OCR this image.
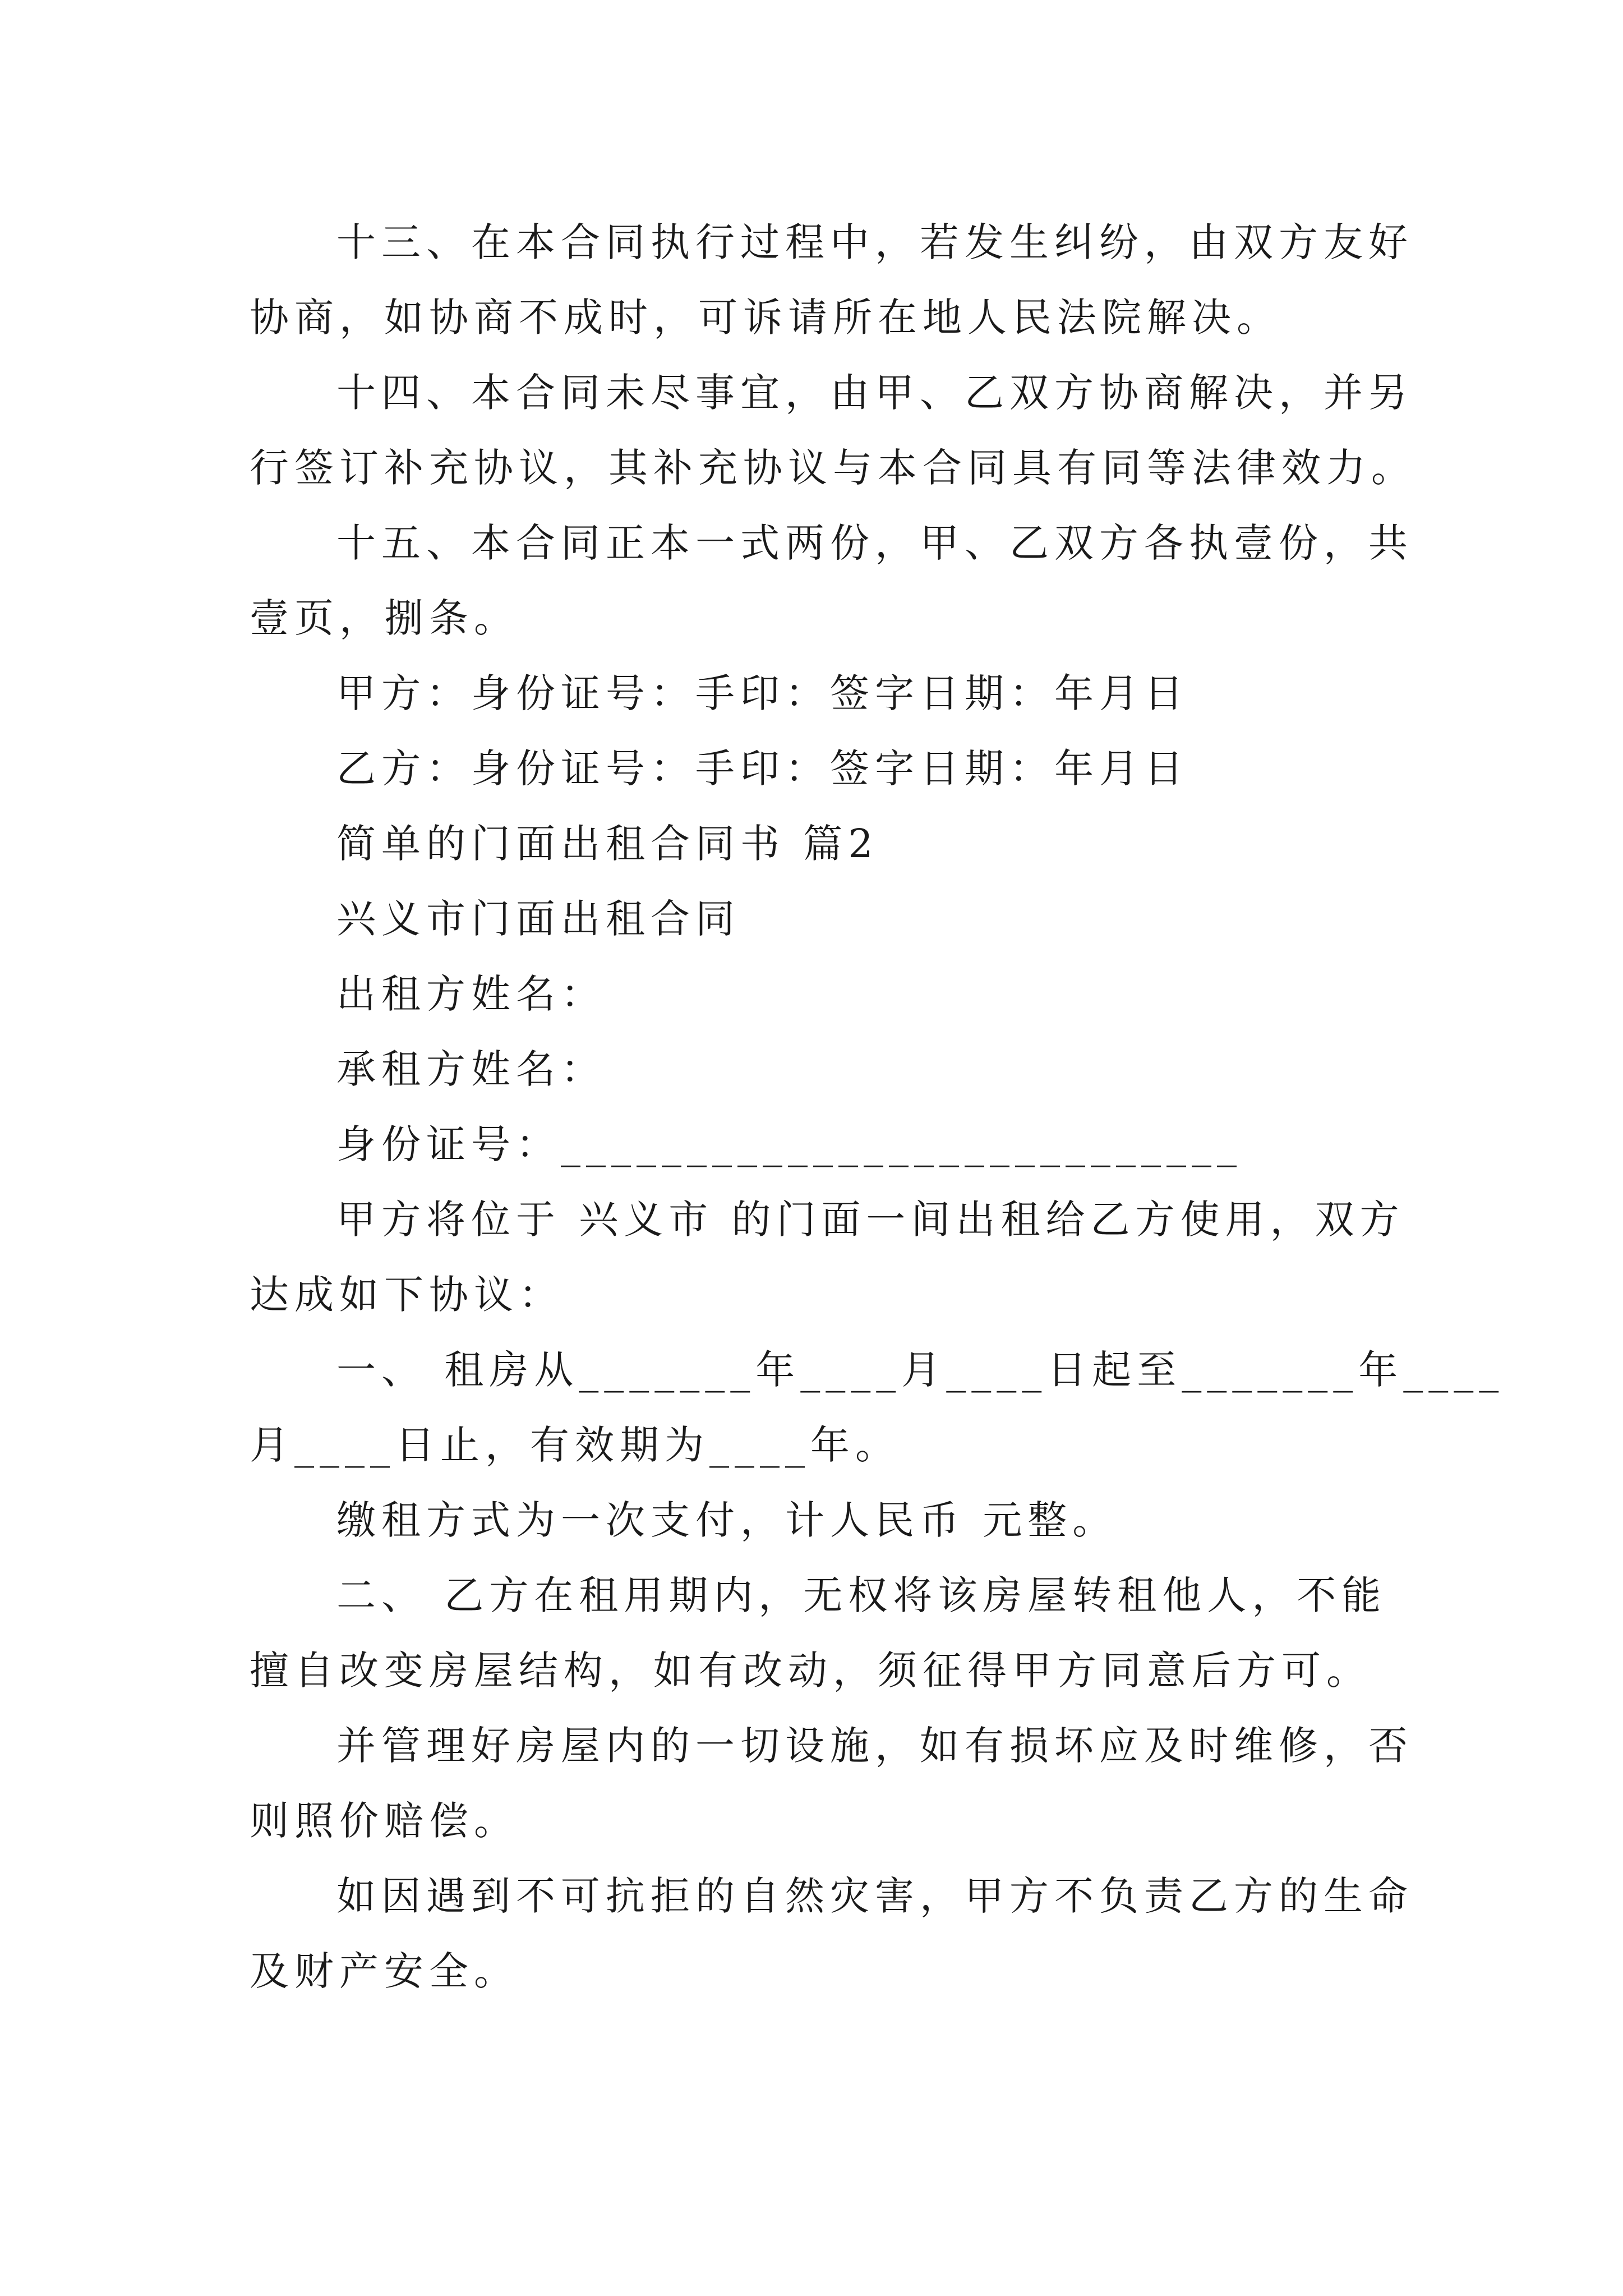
十三、在本合同执行过程中，若发生纠纷，由双方友好

协商，如协商不成时，可诉请所在地人民法院解决。

十四、本合同未尽事宜，由甲、乙双方协商解决，并另

行签订补充协议，其补充协议与本合同具有同等法律效力。

十五、本合同正本一式两份，甲、乙双方各执壹份，共

壹页，捌条。

甲方：身份证号：手印：签字日期：年月日

乙方：身份证号：手印：签字日期：年月日

简单的门面出租合同书 篇2

兴义市门面出租合同

出租方姓名：

承租方姓名：

身份证号：___________________________

甲方将位于 兴义市 的门面一间出租给乙方使用，双方

达成如下协议：

一、 租房从_______年____月____日起至_______年____

月____日止，有效期为____年。

缴租方式为一次支付，计人民币 元整。

二、 乙方在租用期内，无权将该房屋转租他人，不能

擅自改变房屋结构，如有改动，须征得甲方同意后方可。

并管理好房屋内的一切设施，如有损坏应及时维修，否

则照价赔偿。

如因遇到不可抗拒的自然灾害，甲方不负责乙方的生命

及财产安全。
